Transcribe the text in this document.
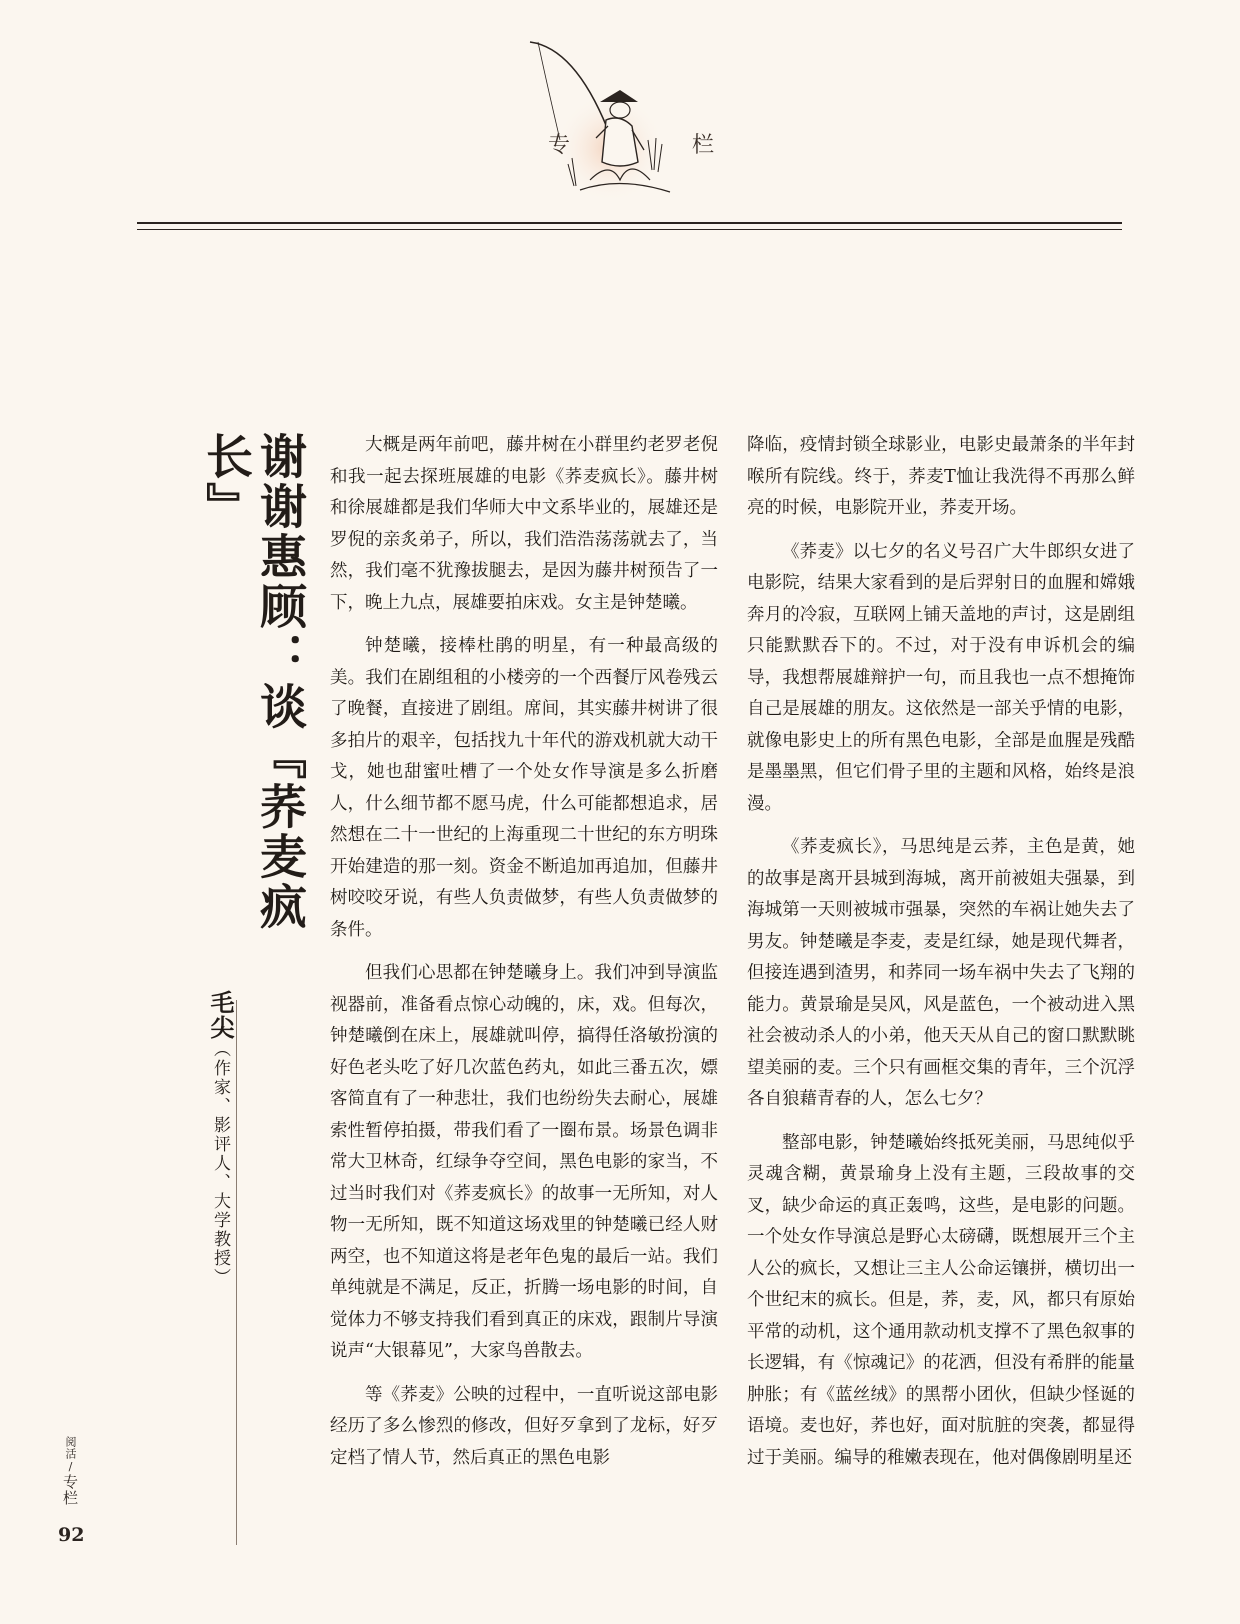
专	栏
谢谢惠顾：谈『荞麦疯长』
毛尖（作家、影评人、大学教授）

大概是两年前吧，藤井树在小群里约老罗老倪和我一起去探班展雄的电影《荞麦疯长》。藤井树和徐展雄都是我们华师大中文系毕业的，展雄还是罗倪的亲炙弟子，所以，我们浩浩荡荡就去了，当然，我们毫不犹豫拔腿去，是因为藤井树预告了一下，晚上九点，展雄要拍床戏。女主是钟楚曦。

钟楚曦，接棒杜鹃的明星，有一种最高级的美。我们在剧组租的小楼旁的一个西餐厅风卷残云了晚餐，直接进了剧组。席间，其实藤井树讲了很多拍片的艰辛，包括找九十年代的游戏机就大动干戈，她也甜蜜吐槽了一个处女作导演是多么折磨人，什么细节都不愿马虎，什么可能都想追求，居然想在二十一世纪的上海重现二十世纪的东方明珠开始建造的那一刻。资金不断追加再追加，但藤井树咬咬牙说，有些人负责做梦，有些人负责做梦的条件。

但我们心思都在钟楚曦身上。我们冲到导演监视器前，准备看点惊心动魄的，床，戏。但每次，钟楚曦倒在床上，展雄就叫停，搞得任洛敏扮演的好色老头吃了好几次蓝色药丸，如此三番五次，嫖客简直有了一种悲壮，我们也纷纷失去耐心，展雄索性暂停拍摄，带我们看了一圈布景。场景色调非常大卫林奇，红绿争夺空间，黑色电影的家当，不过当时我们对《荞麦疯长》的故事一无所知，对人物一无所知，既不知道这场戏里的钟楚曦已经人财两空，也不知道这将是老年色鬼的最后一站。我们单纯就是不满足，反正，折腾一场电影的时间，自觉体力不够支持我们看到真正的床戏，跟制片导演说声“大银幕见”，大家鸟兽散去。

等《荞麦》公映的过程中，一直听说这部电影经历了多么惨烈的修改，但好歹拿到了龙标，好歹定档了情人节，然后真正的黑色电影

降临，疫情封锁全球影业，电影史最萧条的半年封喉所有院线。终于，荞麦T恤让我洗得不再那么鲜亮的时候，电影院开业，荞麦开场。

《荞麦》以七夕的名义号召广大牛郎织女进了电影院，结果大家看到的是后羿射日的血腥和嫦娥奔月的冷寂，互联网上铺天盖地的声讨，这是剧组只能默默吞下的。不过，对于没有申诉机会的编导，我想帮展雄辩护一句，而且我也一点不想掩饰自己是展雄的朋友。这依然是一部关乎情的电影，就像电影史上的所有黑色电影，全部是血腥是残酷是墨墨黑，但它们骨子里的主题和风格，始终是浪漫。

《荞麦疯长》，马思纯是云荞，主色是黄，她的故事是离开县城到海城，离开前被姐夫强暴，到海城第一天则被城市强暴，突然的车祸让她失去了男友。钟楚曦是李麦，麦是红绿，她是现代舞者，但接连遇到渣男，和荞同一场车祸中失去了飞翔的能力。黄景瑜是吴风，风是蓝色，一个被动进入黑社会被动杀人的小弟，他天天从自己的窗口默默眺望美丽的麦。三个只有画框交集的青年，三个沉浮各自狼藉青春的人，怎么七夕？

整部电影，钟楚曦始终抵死美丽，马思纯似乎灵魂含糊，黄景瑜身上没有主题，三段故事的交叉，缺少命运的真正轰鸣，这些，是电影的问题。一个处女作导演总是野心太磅礴，既想展开三个主人公的疯长，又想让三主人公命运镶拼，横切出一个世纪末的疯长。但是，荞，麦，风，都只有原始平常的动机，这个通用款动机支撑不了黑色叙事的长逻辑，有《惊魂记》的花洒，但没有希胖的能量肿胀；有《蓝丝绒》的黑帮小团伙，但缺少怪诞的语境。麦也好，荞也好，面对肮脏的突袭，都显得过于美丽。编导的稚嫩表现在，他对偶像剧明星还

阅活/专栏
92
